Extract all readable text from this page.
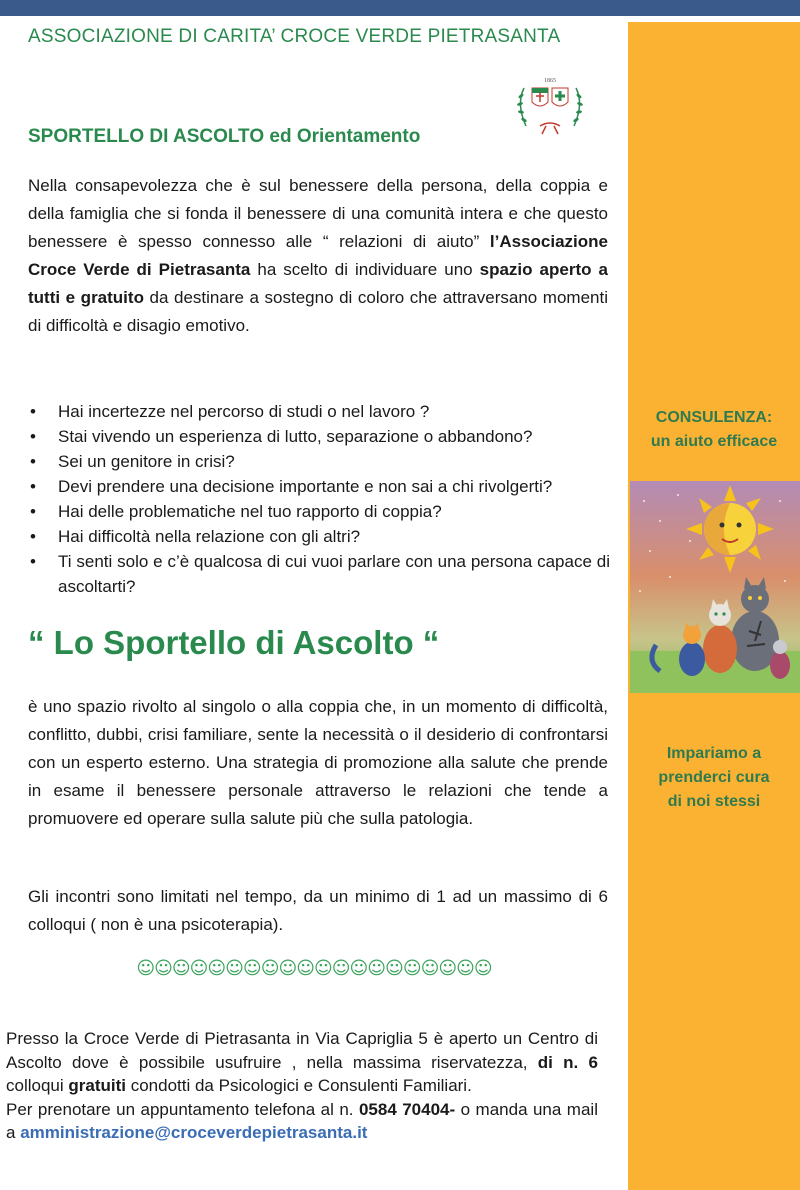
ASSOCIAZIONE DI CARITA’ CROCE VERDE PIETRASANTA
1865
SPORTELLO DI ASCOLTO ed Orientamento

Nella consapevolezza che è sul benessere della persona, della coppia e della famiglia che si fonda il benessere di una comunità intera e che questo benessere è spesso connesso alle “ relazioni di aiuto” l’Associazione Croce Verde di Pietrasanta ha scelto di individuare uno spazio aperto a tutti e gratuito da destinare a sostegno di coloro che attraversano momenti di difficoltà e disagio emotivo.

• Hai incertezze nel percorso di studi o nel lavoro ?
• Stai vivendo un esperienza di lutto, separazione o abbandono?
• Sei un genitore in crisi?
• Devi prendere una decisione importante e non sai a chi rivolgerti?
• Hai delle problematiche nel tuo rapporto di coppia?
• Hai difficoltà nella relazione con gli altri?
• Ti senti solo e c’è qualcosa di cui vuoi parlare con una persona capace di ascoltarti?
“ Lo Sportello di Ascolto “

è uno spazio rivolto al singolo o alla coppia che, in un momento di difficoltà, conflitto, dubbi, crisi familiare, sente la necessità o il desiderio di confrontarsi con un esperto esterno. Una strategia di promozione alla salute che prende in esame il benessere personale attraverso le relazioni che tende a promuovere ed operare sulla salute più che sulla patologia.

Gli incontri sono limitati nel tempo, da un minimo di 1 ad un massimo di 6 colloqui ( non è una psicoterapia).

☺☺☺☺☺☺☺☺☺☺☺☺☺☺☺☺☺☺☺☺

Presso la Croce Verde di Pietrasanta in Via Capriglia 5 è aperto un Centro di Ascolto dove è possibile usufruire , nella massima riservatezza, di n. 6 colloqui gratuiti condotti da Psicologici e Consulenti Familiari.
Per prenotare un appuntamento telefona al n. 0584 70404- o manda una mail a amministrazione@croceverdepietrasanta.it

CONSULENZA:
un aiuto efficace
Impariamo a
prenderci cura
di noi stessi
